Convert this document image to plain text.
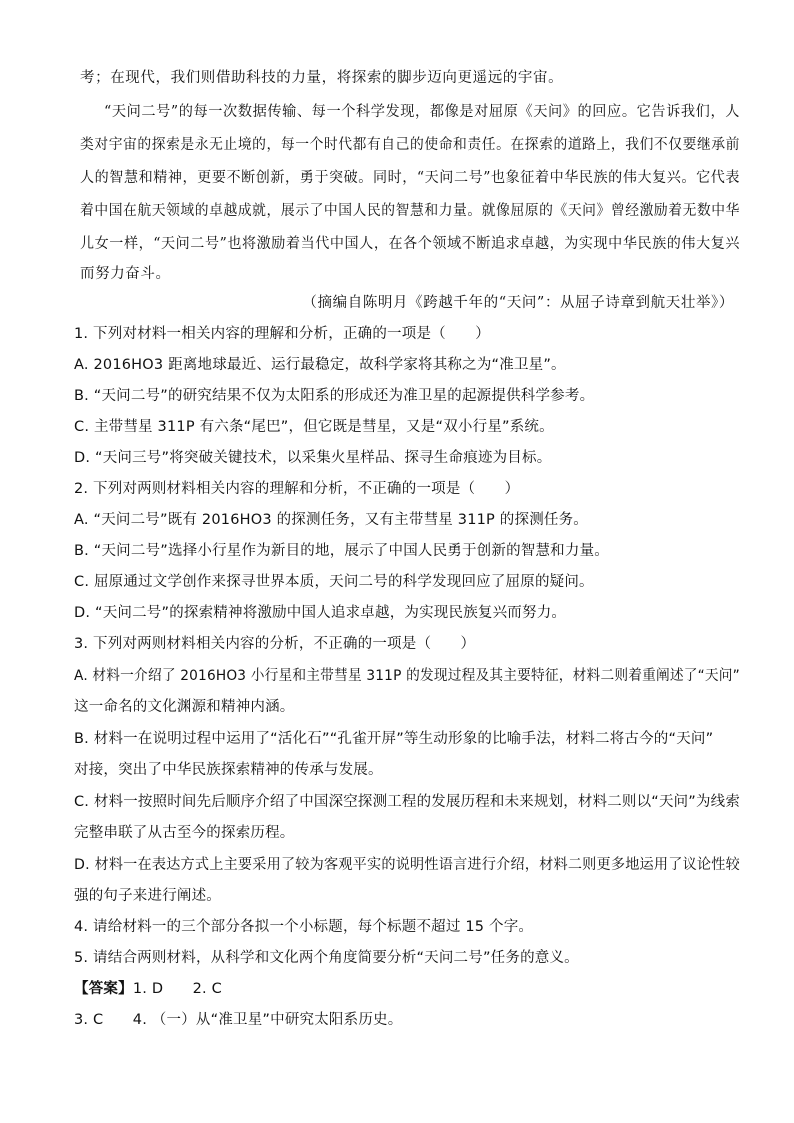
考；在现代，我们则借助科技的力量，将探索的脚步迈向更遥远的宇宙。
“天问二号”的每一次数据传输、每一个科学发现，都像是对屈原《天问》的回应。它告诉我们，人
类对宇宙的探索是永无止境的，每一个时代都有自己的使命和责任。在探索的道路上，我们不仅要继承前
人的智慧和精神，更要不断创新，勇于突破。同时，“天问二号”也象征着中华民族的伟大复兴。它代表
着中国在航天领域的卓越成就，展示了中国人民的智慧和力量。就像屈原的《天问》曾经激励着无数中华
儿女一样，“天问二号”也将激励着当代中国人，在各个领域不断追求卓越，为实现中华民族的伟大复兴
而努力奋斗。
（摘编自陈明月《跨越千年的“天问”：从屈子诗章到航天壮举》）
1. 下列对材料一相关内容的理解和分析，正确的一项是（　　）
A. 2016HO3 距离地球最近、运行最稳定，故科学家将其称之为“准卫星”。
B. “天问二号”的研究结果不仅为太阳系的形成还为准卫星的起源提供科学参考。
C. 主带彗星 311P 有六条“尾巴”，但它既是彗星，又是“双小行星”系统。
D. “天问三号”将突破关键技术，以采集火星样品、探寻生命痕迹为目标。
2. 下列对两则材料相关内容的理解和分析，不正确的一项是（　　）
A. “天问二号”既有 2016HO3 的探测任务，又有主带彗星 311P 的探测任务。
B. “天问二号”选择小行星作为新目的地，展示了中国人民勇于创新的智慧和力量。
C. 屈原通过文学创作来探寻世界本质，天问二号的科学发现回应了屈原的疑问。
D. “天问二号”的探索精神将激励中国人追求卓越，为实现民族复兴而努力。
3. 下列对两则材料相关内容的分析，不正确的一项是（　　）
A. 材料一介绍了 2016HO3 小行星和主带彗星 311P 的发现过程及其主要特征，材料二则着重阐述了“天问”
这一命名的文化渊源和精神内涵。
B. 材料一在说明过程中运用了“活化石”“孔雀开屏”等生动形象的比喻手法，材料二将古今的“天问”
对接，突出了中华民族探索精神的传承与发展。
C. 材料一按照时间先后顺序介绍了中国深空探测工程的发展历程和未来规划，材料二则以“天问”为线索
完整串联了从古至今的探索历程。
D. 材料一在表达方式上主要采用了较为客观平实的说明性语言进行介绍，材料二则更多地运用了议论性较
强的句子来进行阐述。
4. 请给材料一的三个部分各拟一个小标题，每个标题不超过 15 个字。
5. 请结合两则材料，从科学和文化两个角度简要分析“天问二号”任务的意义。
【答案】1. D　　2. C
3. C　　4. （一）从“准卫星”中研究太阳系历史。
